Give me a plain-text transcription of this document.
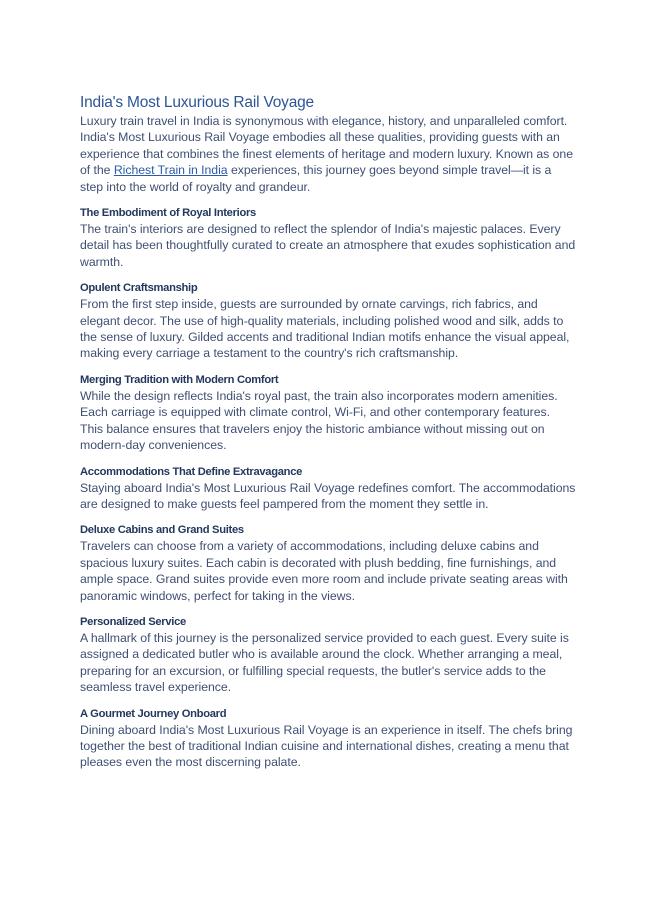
India's Most Luxurious Rail Voyage

Luxury train travel in India is synonymous with elegance, history, and unparalleled comfort. India's Most Luxurious Rail Voyage embodies all these qualities, providing guests with an experience that combines the finest elements of heritage and modern luxury. Known as one of the Richest Train in India experiences, this journey goes beyond simple travel—it is a step into the world of royalty and grandeur.

The Embodiment of Royal Interiors

The train's interiors are designed to reflect the splendor of India's majestic palaces. Every detail has been thoughtfully curated to create an atmosphere that exudes sophistication and warmth.

Opulent Craftsmanship

From the first step inside, guests are surrounded by ornate carvings, rich fabrics, and elegant decor. The use of high-quality materials, including polished wood and silk, adds to the sense of luxury. Gilded accents and traditional Indian motifs enhance the visual appeal, making every carriage a testament to the country's rich craftsmanship.

Merging Tradition with Modern Comfort

While the design reflects India's royal past, the train also incorporates modern amenities. Each carriage is equipped with climate control, Wi-Fi, and other contemporary features. This balance ensures that travelers enjoy the historic ambiance without missing out on modern-day conveniences.

Accommodations That Define Extravagance

Staying aboard India's Most Luxurious Rail Voyage redefines comfort. The accommodations are designed to make guests feel pampered from the moment they settle in.

Deluxe Cabins and Grand Suites

Travelers can choose from a variety of accommodations, including deluxe cabins and spacious luxury suites. Each cabin is decorated with plush bedding, fine furnishings, and ample space. Grand suites provide even more room and include private seating areas with panoramic windows, perfect for taking in the views.

Personalized Service

A hallmark of this journey is the personalized service provided to each guest. Every suite is assigned a dedicated butler who is available around the clock. Whether arranging a meal, preparing for an excursion, or fulfilling special requests, the butler's service adds to the seamless travel experience.

A Gourmet Journey Onboard

Dining aboard India's Most Luxurious Rail Voyage is an experience in itself. The chefs bring together the best of traditional Indian cuisine and international dishes, creating a menu that pleases even the most discerning palate.
